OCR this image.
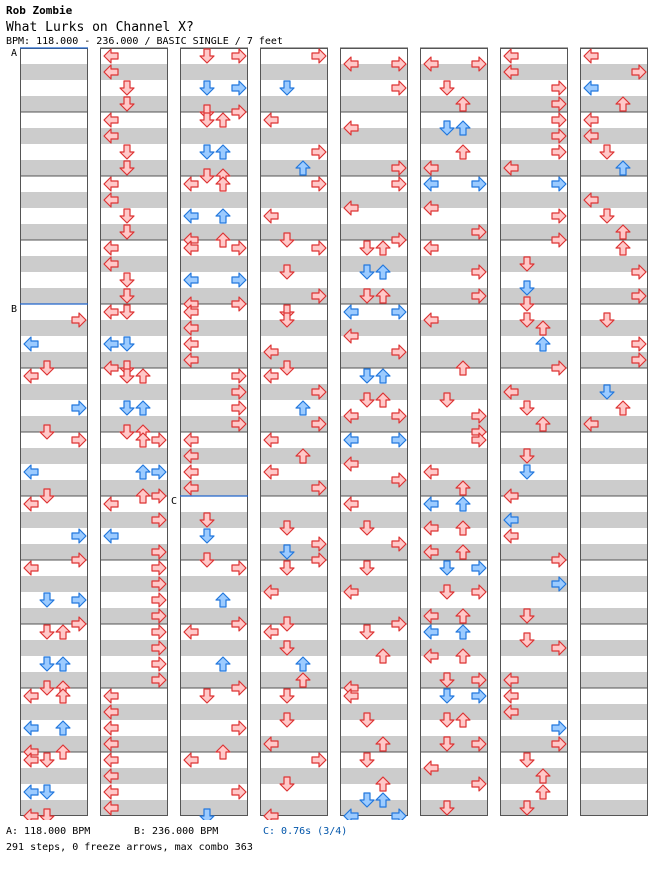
Rob Zombie
What Lurks on Channel X?
BPM: 118.000 - 236.000 / BASIC SINGLE / 7 feet
A
B
C
A: 118.000 BPM	B: 236.000 BPM	C: 0.76s (3/4)
291 steps, 0 freeze arrows, max combo 363
